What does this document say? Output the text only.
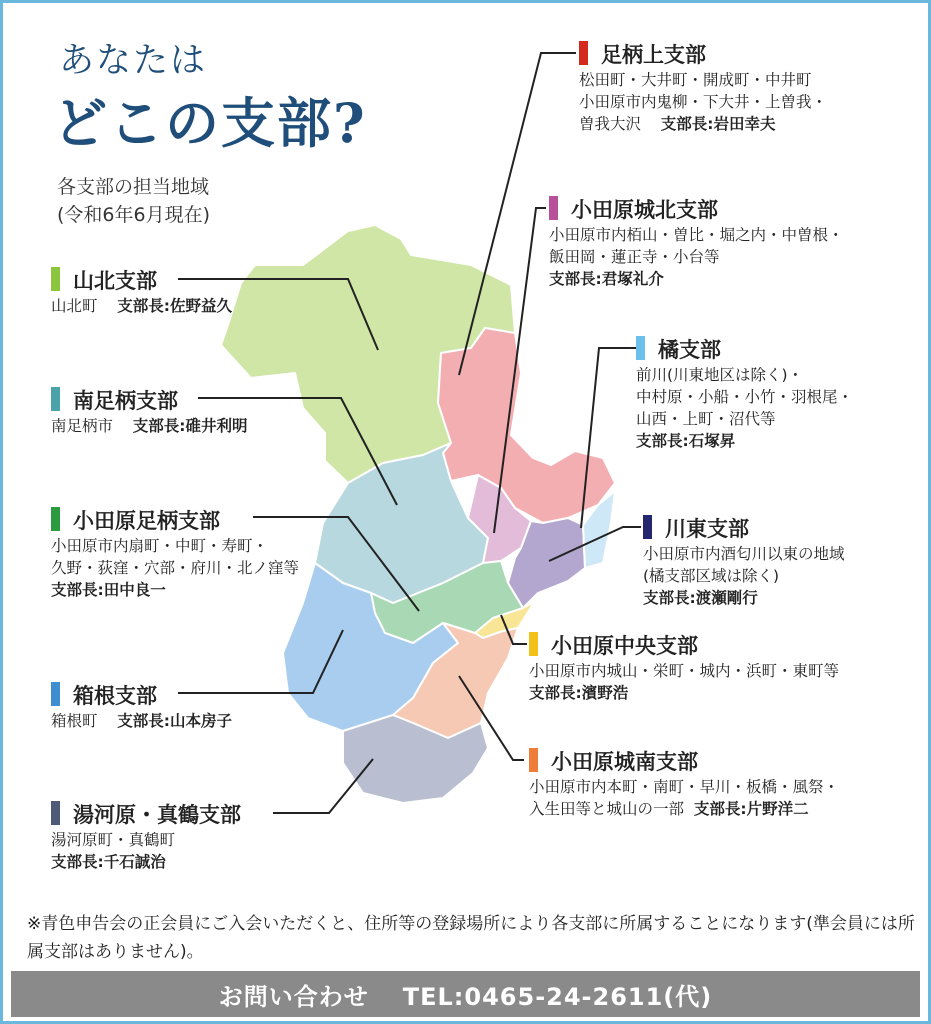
あなたは
どこの支部?
各支部の担当地域
(令和6年6月現在)
山北支部
山北町 支部長:佐野益久
南足柄支部
南足柄市 支部長:碓井利明
小田原足柄支部
小田原市内扇町・中町・寿町・
久野・荻窪・穴部・府川・北ノ窪等
支部長:田中良一
箱根支部
箱根町 支部長:山本房子
湯河原・真鶴支部
湯河原町・真鶴町
支部長:千石誠治
足柄上支部
松田町・大井町・開成町・中井町
小田原市内鬼柳・下大井・上曽我・
曽我大沢 支部長:岩田幸夫
小田原城北支部
小田原市内栢山・曽比・堀之内・中曽根・
飯田岡・蓮正寺・小台等
支部長:君塚礼介
橘支部
前川(川東地区は除く)・
中村原・小船・小竹・羽根尾・
山西・上町・沼代等
支部長:石塚昇
川東支部
小田原市内酒匂川以東の地域
(橘支部区域は除く)
支部長:渡瀬剛行
小田原中央支部
小田原市内城山・栄町・城内・浜町・東町等
支部長:濱野浩
小田原城南支部
小田原市内本町・南町・早川・板橋・風祭・
入生田等と城山の一部 支部長:片野洋二
※青色申告会の正会員にご入会いただくと、住所等の登録場所により各支部に所属することになります(準会員には所属支部はありません)。
お問い合わせ TEL:0465-24-2611(代)
